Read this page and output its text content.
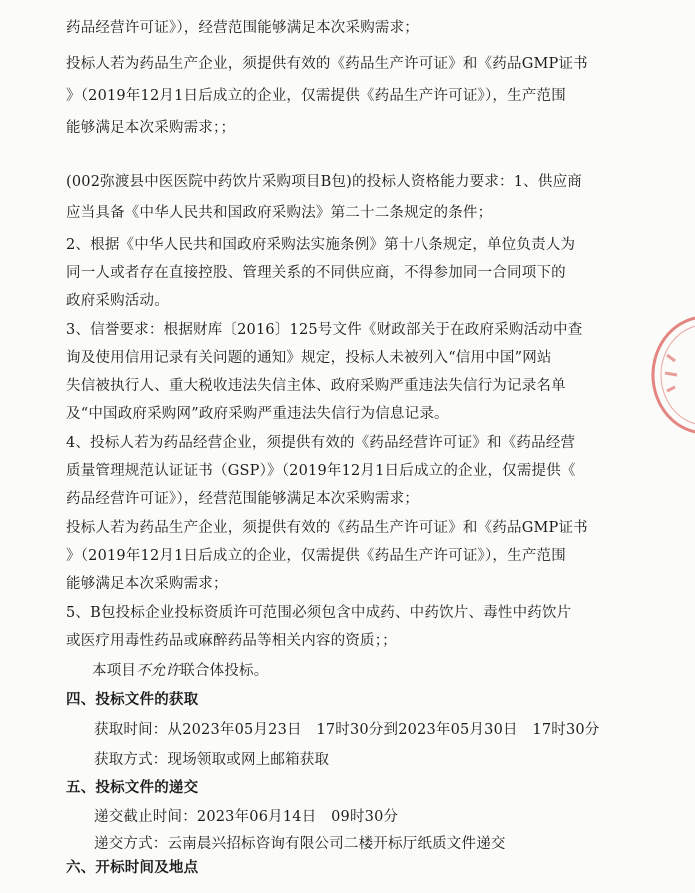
药品经营许可证》），经营范围能够满足本次采购需求；
投标人若为药品生产企业，须提供有效的《药品生产许可证》和《药品GMP证书
》（2019年12月1日后成立的企业，仅需提供《药品生产许可证》），生产范围
能够满足本次采购需求；；
(002弥渡县中医医院中药饮片采购项目B包)的投标人资格能力要求：1、供应商
应当具备《中华人民共和国政府采购法》第二十二条规定的条件；
2、根据《中华人民共和国政府采购法实施条例》第十八条规定，单位负责人为
同一人或者存在直接控股、管理关系的不同供应商，不得参加同一合同项下的
政府采购活动。
3、信誉要求：根据财库〔2016〕125号文件《财政部关于在政府采购活动中查
询及使用信用记录有关问题的通知》规定，投标人未被列入“信用中国”网站
失信被执行人、重大税收违法失信主体、政府采购严重违法失信行为记录名单
及“中国政府采购网”政府采购严重违法失信行为信息记录。
4、投标人若为药品经营企业，须提供有效的《药品经营许可证》和《药品经营
质量管理规范认证证书（GSP）》（2019年12月1日后成立的企业，仅需提供《
药品经营许可证》），经营范围能够满足本次采购需求；
投标人若为药品生产企业，须提供有效的《药品生产许可证》和《药品GMP证书
》（2019年12月1日后成立的企业，仅需提供《药品生产许可证》），生产范围
能够满足本次采购需求；
5、B包投标企业投标资质许可范围必须包含中成药、中药饮片、毒性中药饮片
或医疗用毒性药品或麻醉药品等相关内容的资质；；
本项目不允许联合体投标。
四、投标文件的获取
获取时间：从2023年05月23日　17时30分到2023年05月30日　17时30分
获取方式：现场领取或网上邮箱获取
五、投标文件的递交
递交截止时间：2023年06月14日　09时30分
递交方式：云南晨兴招标咨询有限公司二楼开标厅纸质文件递交
六、开标时间及地点
